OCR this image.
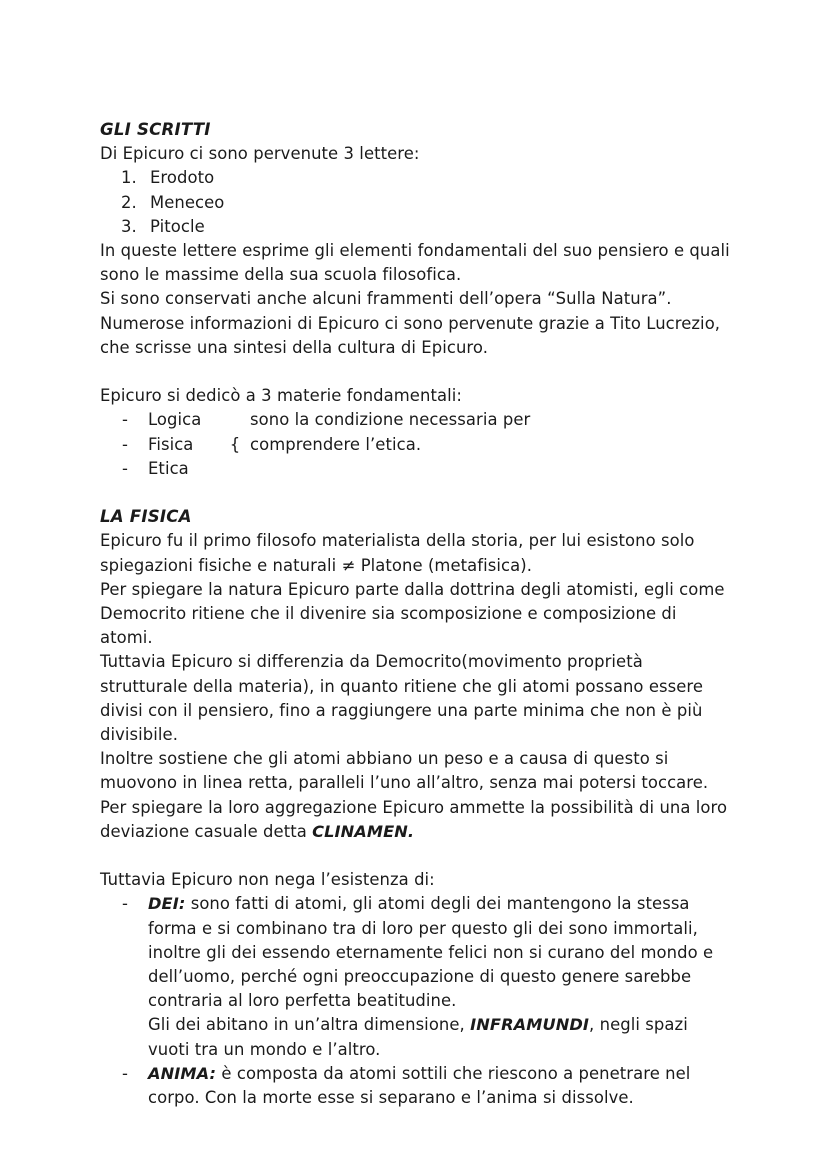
GLI SCRITTI
Di Epicuro ci sono pervenute 3 lettere:
1. Erodoto
2. Meneceo
3. Pitocle
In queste lettere esprime gli elementi fondamentali del suo pensiero e quali sono le massime della sua scuola filosofica.
Si sono conservati anche alcuni frammenti dell’opera “Sulla Natura”.
Numerose informazioni di Epicuro ci sono pervenute grazie a Tito Lucrezio, che scrisse una sintesi della cultura di Epicuro.

Epicuro si dedicò a 3 materie fondamentali:
- Logica	sono la condizione necessaria per
- Fisica	{ comprendere l’etica.
- Etica

LA FISICA
Epicuro fu il primo filosofo materialista della storia, per lui esistono solo spiegazioni fisiche e naturali ≠ Platone (metafisica).
Per spiegare la natura Epicuro parte dalla dottrina degli atomisti, egli come Democrito ritiene che il divenire sia scomposizione e composizione di atomi.
Tuttavia Epicuro si differenzia da Democrito(movimento proprietà strutturale della materia), in quanto ritiene che gli atomi possano essere divisi con il pensiero, fino a raggiungere una parte minima che non è più divisibile.
Inoltre sostiene che gli atomi abbiano un peso e a causa di questo si muovono in linea retta, paralleli l’uno all’altro, senza mai potersi toccare.
Per spiegare la loro aggregazione Epicuro ammette la possibilità di una loro deviazione casuale detta CLINAMEN.

Tuttavia Epicuro non nega l’esistenza di:
- DEI: sono fatti di atomi, gli atomi degli dei mantengono la stessa forma e si combinano tra di loro per questo gli dei sono immortali, inoltre gli dei essendo eternamente felici non si curano del mondo e dell’uomo, perché ogni preoccupazione di questo genere sarebbe contraria al loro perfetta beatitudine.
Gli dei abitano in un’altra dimensione, INFRAMUNDI, negli spazi vuoti tra un mondo e l’altro.
- ANIMA: è composta da atomi sottili che riescono a penetrare nel corpo. Con la morte esse si separano e l’anima si dissolve.
